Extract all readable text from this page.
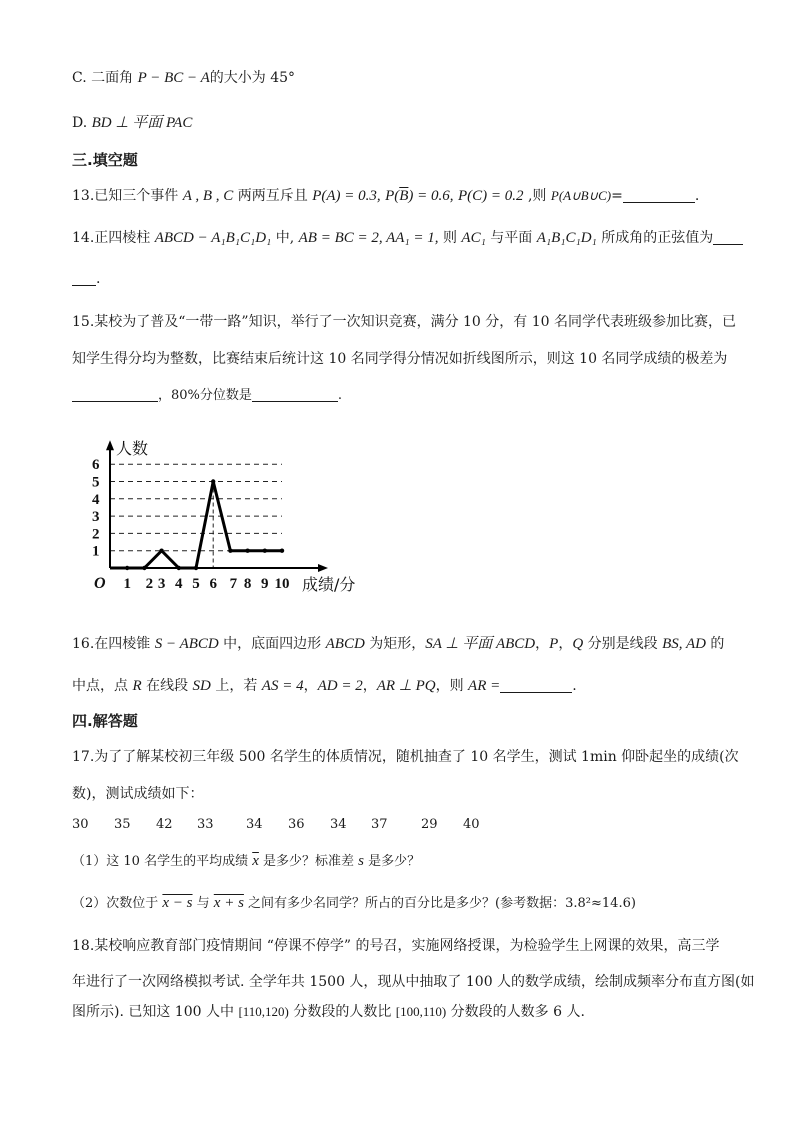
C. 二面角 P − BC − A的大小为 45°
D. BD ⊥ 平面 PAC
三.填空题
13.已知三个事件 A , B , C 两两互斥且 P(A) = 0.3, $P(\overline{B}) = 0.6$, P(C) = 0.2 ,则 P(A∪B∪C)=	.
14.正四棱柱 ABCD − A₁B₁C₁D₁ 中, AB = BC = 2, AA₁ = 1, 则 AC₁ 与平面 A₁B₁C₁D₁ 所成角的正弦值为
.
15.某校为了普及“一带一路”知识，举行了一次知识竞赛，满分 10 分，有 10 名同学代表班级参加比赛，已
知学生得分均为整数，比赛结束后统计这 10 名同学得分情况如折线图所示，则这 10 名同学成绩的极差为
，80%分位数是	.
1
2
3
4
5
6
1 2 3 4 5 6 7 8 9 10
人数
成绩/分
O
16.在四棱锥 S − ABCD 中，底面四边形 ABCD 为矩形，SA ⊥ 平面 ABCD，P，Q 分别是线段 BS, AD 的
中点，点 R 在线段 SD 上，若 AS = 4，AD = 2，AR ⊥ PQ，则 AR =	.
四.解答题
17.为了了解某校初三年级 500 名学生的体质情况，随机抽查了 10 名学生，测试 1min 仰卧起坐的成绩(次
数)，测试成绩如下：
30 35 42 33 34 36 34 37	29 40
（1）这 10 名学生的平均成绩 $\overline{x}$ 是多少？标准差 s 是多少？
（2）次数位于 x − s 与 x + s 之间有多少名同学？所占的百分比是多少？(参考数据：3.8²≈14.6)
18.某校响应教育部门疫情期间 “停课不停学” 的号召，实施网络授课，为检验学生上网课的效果，高三学
年进行了一次网络模拟考试. 全学年共 1500 人，现从中抽取了 100 人的数学成绩，绘制成频率分布直方图(如
图所示). 已知这 100 人中 [110,120) 分数段的人数比 [100,110) 分数段的人数多 6 人.
